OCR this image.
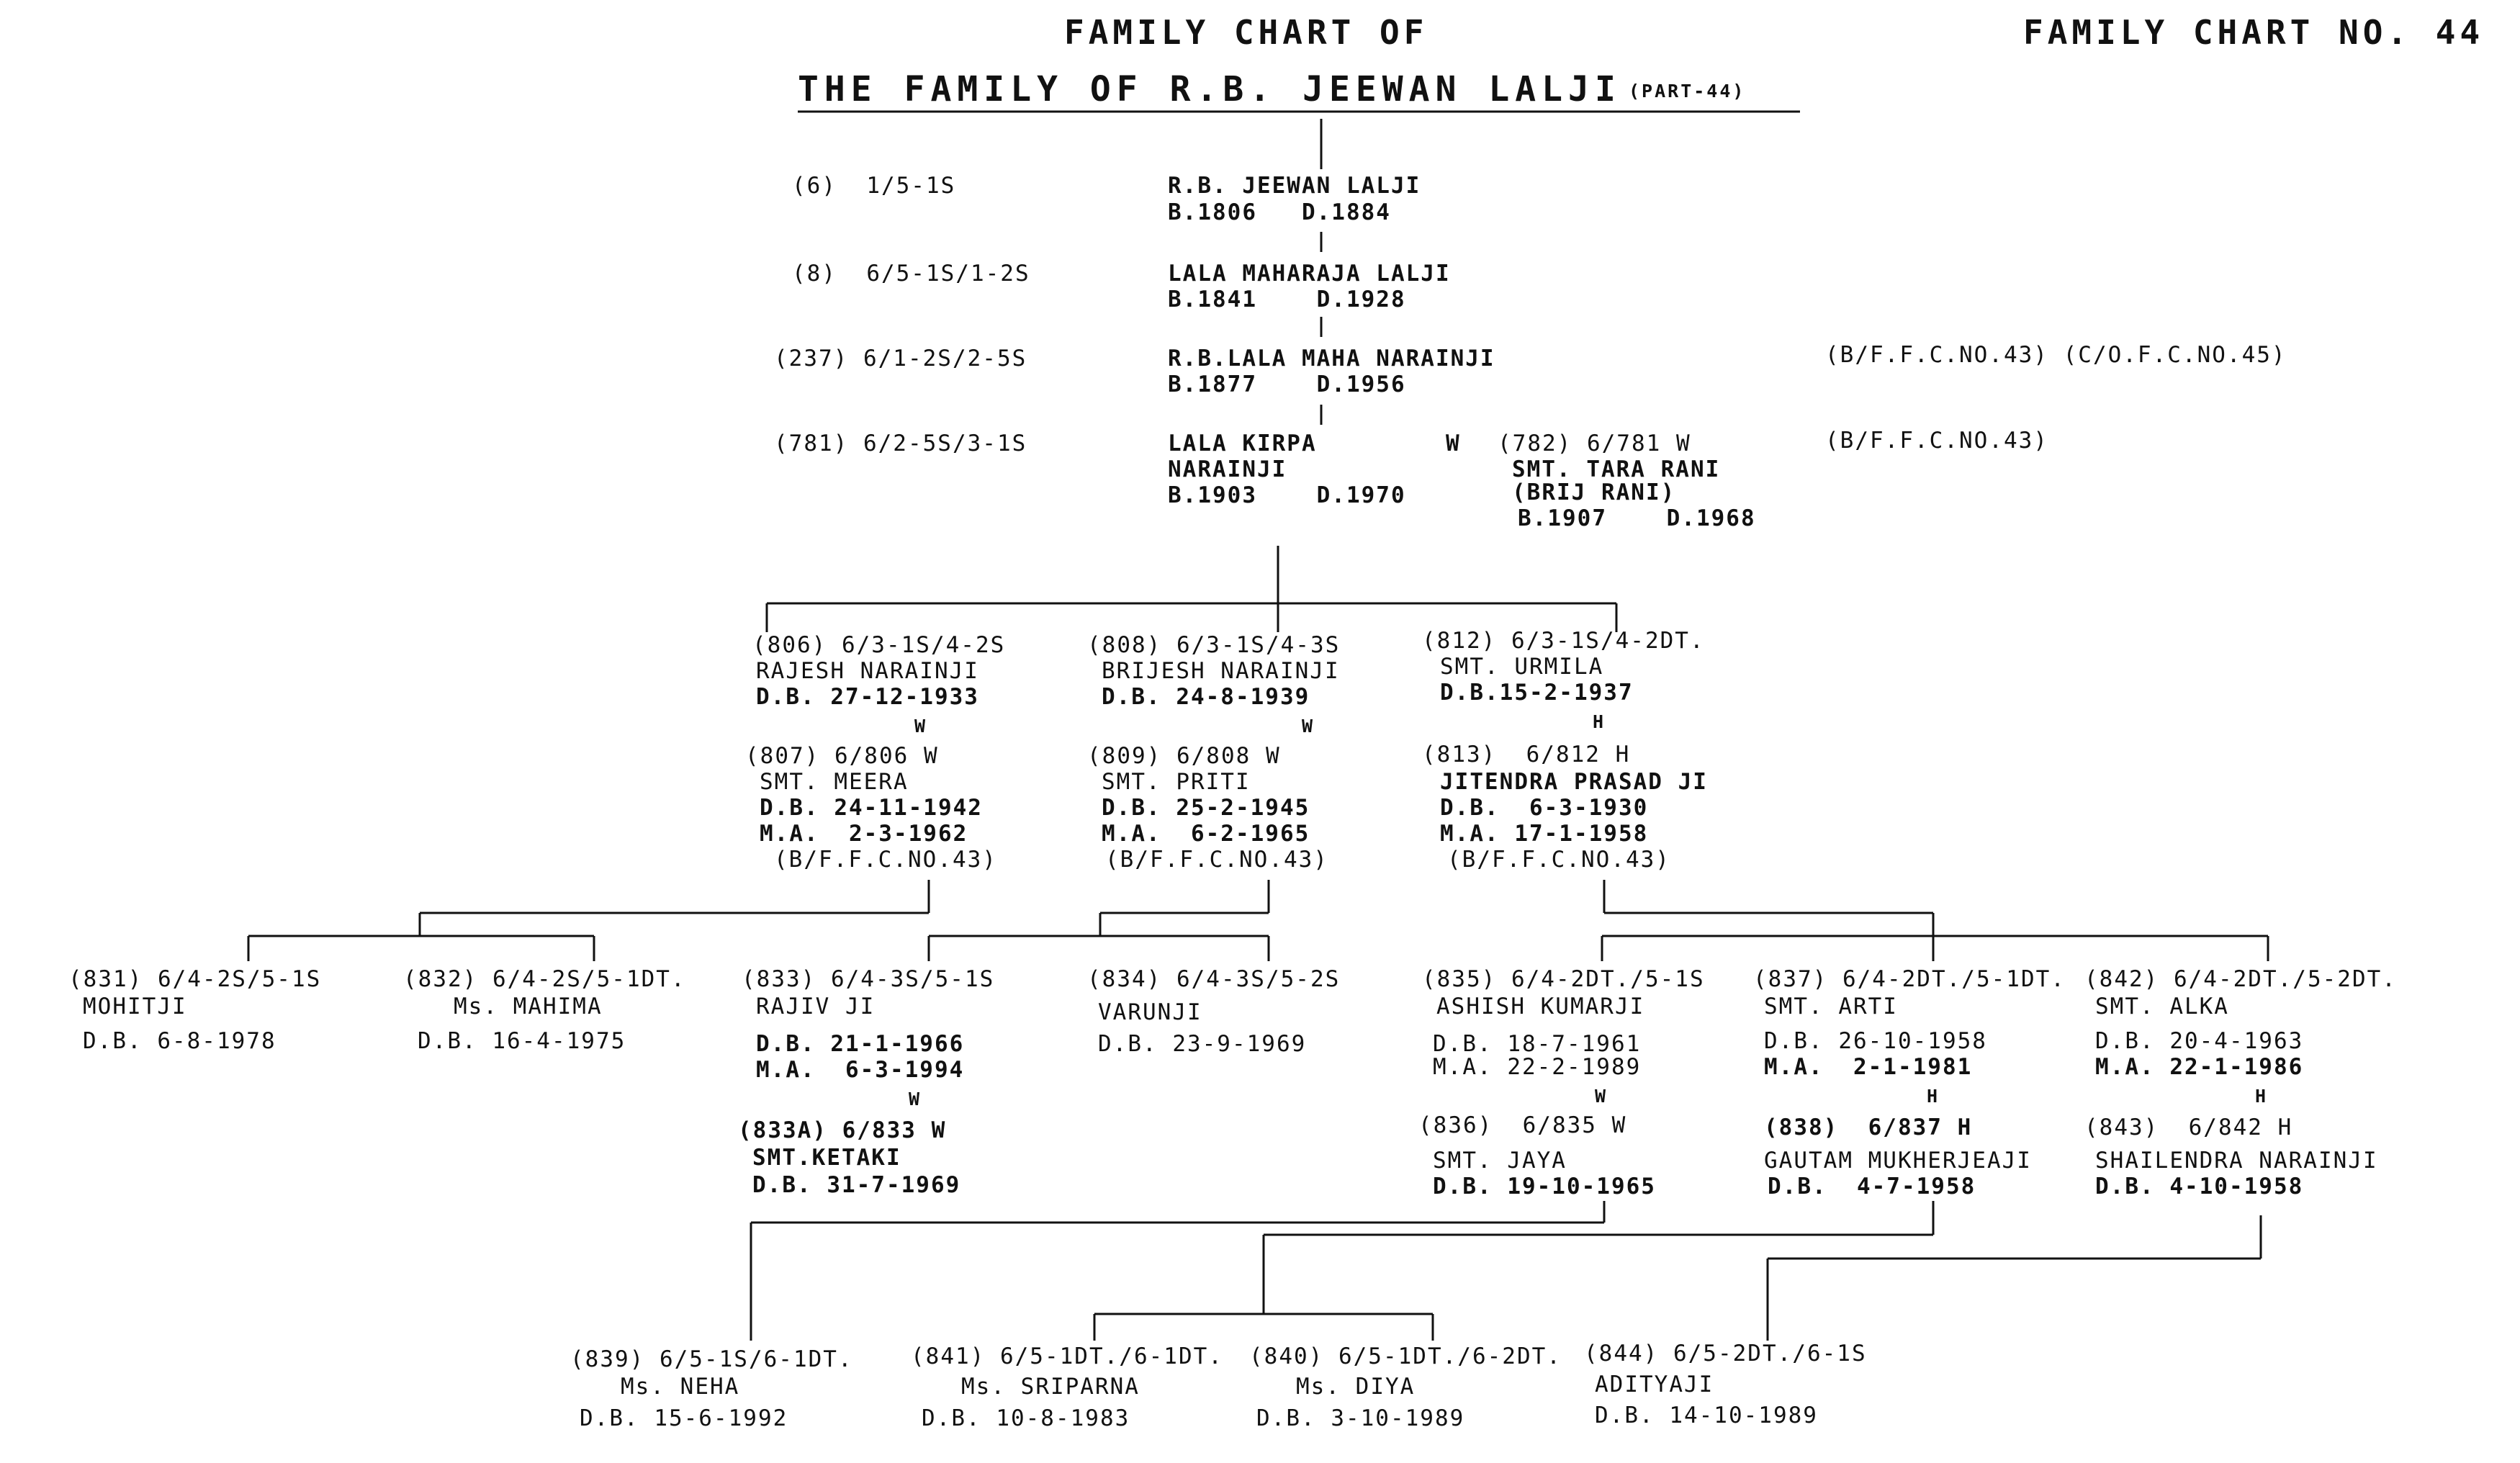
FAMILY CHART OF
THE FAMILY OF R.B. JEEWAN LALJI (PART-44)
FAMILY CHART NO. 44
(6)  1/5-1S	R.B. JEEWAN LALJI
B.1806   D.1884
(8)  6/5-1S/1-2S	LALA MAHARAJA LALJI
B.1841    D.1928
(237) 6/1-2S/2-5S	R.B.LALA MAHA NARAINJI
B.1877    D.1956
(B/F.F.C.NO.43) (C/O.F.C.NO.45)
(781) 6/2-5S/3-1S	LALA KIRPA
NARAINJI
B.1903    D.1970
W (782) 6/781 W
SMT. TARA RANI
(BRIJ RANI)
B.1907    D.1968
(B/F.F.C.NO.43)
(806) 6/3-1S/4-2S
RAJESH NARAINJI
D.B. 27-12-1933
W
(807) 6/806 W
SMT. MEERA
D.B. 24-11-1942
M.A.  2-3-1962
(B/F.F.C.NO.43)
(808) 6/3-1S/4-3S
BRIJESH NARAINJI
D.B. 24-8-1939
W
(809) 6/808 W
SMT. PRITI
D.B. 25-2-1945
M.A.  6-2-1965
(B/F.F.C.NO.43)
(812) 6/3-1S/4-2DT.
SMT. URMILA
D.B.15-2-1937
H
(813)  6/812 H
JITENDRA PRASAD JI
D.B.  6-3-1930
M.A. 17-1-1958
(B/F.F.C.NO.43)
(831) 6/4-2S/5-1S
MOHITJI
D.B. 6-8-1978
(832) 6/4-2S/5-1DT.
Ms. MAHIMA
D.B. 16-4-1975
(833) 6/4-3S/5-1S
RAJIV JI
D.B. 21-1-1966
M.A.  6-3-1994
W
(833A) 6/833 W
SMT.KETAKI
D.B. 31-7-1969
(834) 6/4-3S/5-2S
VARUNJI
D.B. 23-9-1969
(835) 6/4-2DT./5-1S
ASHISH KUMARJI
D.B. 18-7-1961
M.A. 22-2-1989
W
(836)  6/835 W
SMT. JAYA
D.B. 19-10-1965
(837) 6/4-2DT./5-1DT.
SMT. ARTI
D.B. 26-10-1958
M.A.  2-1-1981
H
(838)  6/837 H
GAUTAM MUKHERJEAJI
D.B.  4-7-1958
(842) 6/4-2DT./5-2DT.
SMT. ALKA
D.B. 20-4-1963
M.A. 22-1-1986
H
(843)  6/842 H
SHAILENDRA NARAINJI
D.B. 4-10-1958
(839) 6/5-1S/6-1DT.
Ms. NEHA
D.B. 15-6-1992
(841) 6/5-1DT./6-1DT.
Ms. SRIPARNA
D.B. 10-8-1983
(840) 6/5-1DT./6-2DT.
Ms. DIYA
D.B. 3-10-1989
(844) 6/5-2DT./6-1S
ADITYAJI
D.B. 14-10-1989
